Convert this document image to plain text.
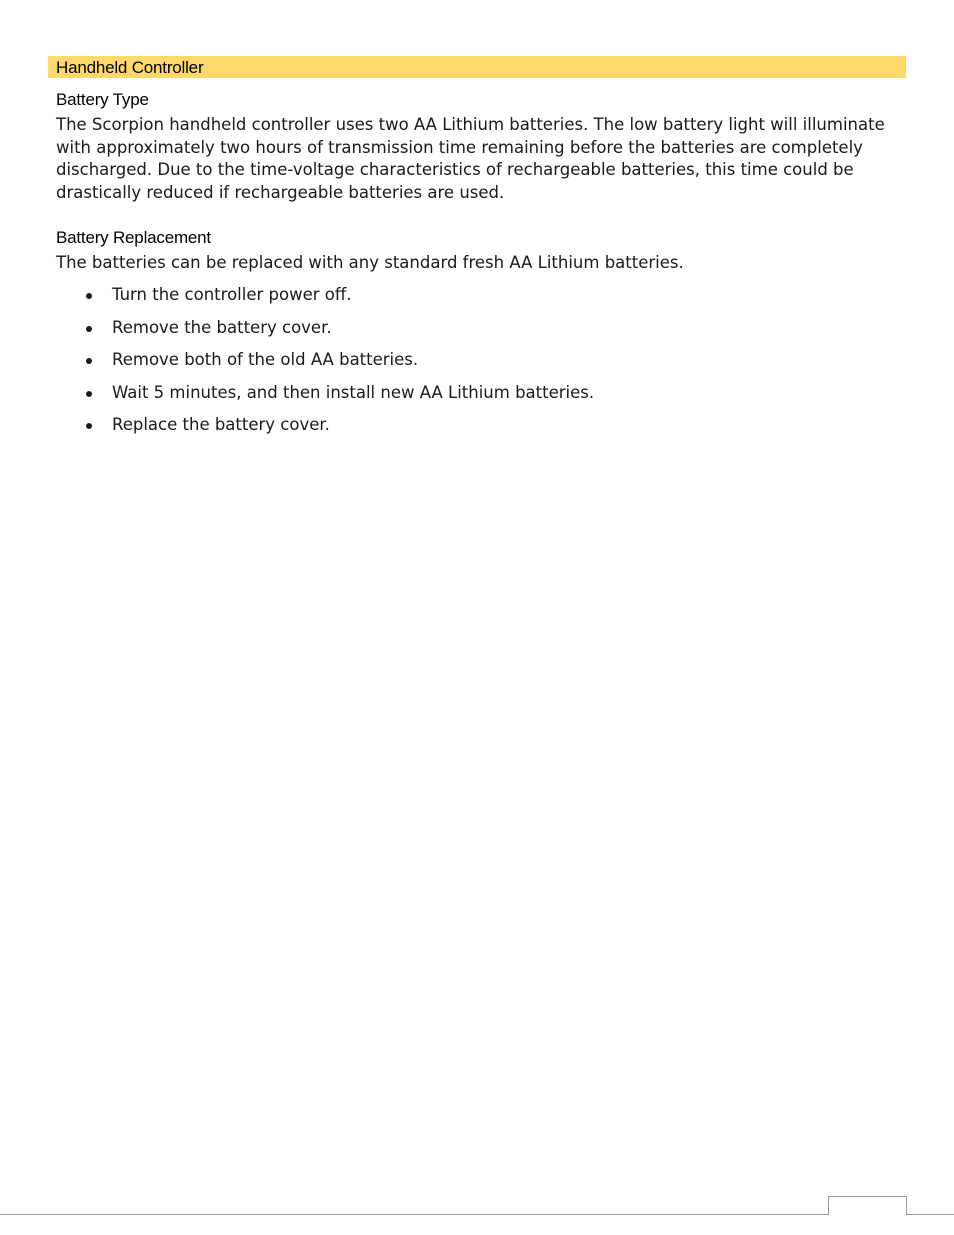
Handheld Controller
Battery Type

The Scorpion handheld controller uses two AA Lithium batteries. The low battery light will illuminate
with approximately two hours of transmission time remaining before the batteries are completely
discharged. Due to the time-voltage characteristics of rechargeable batteries, this time could be
drastically reduced if rechargeable batteries are used.

Battery Replacement

The batteries can be replaced with any standard fresh AA Lithium batteries.

Turn the controller power off.
Remove the battery cover.
Remove both of the old AA batteries.
Wait 5 minutes, and then install new AA Lithium batteries.
Replace the battery cover.
